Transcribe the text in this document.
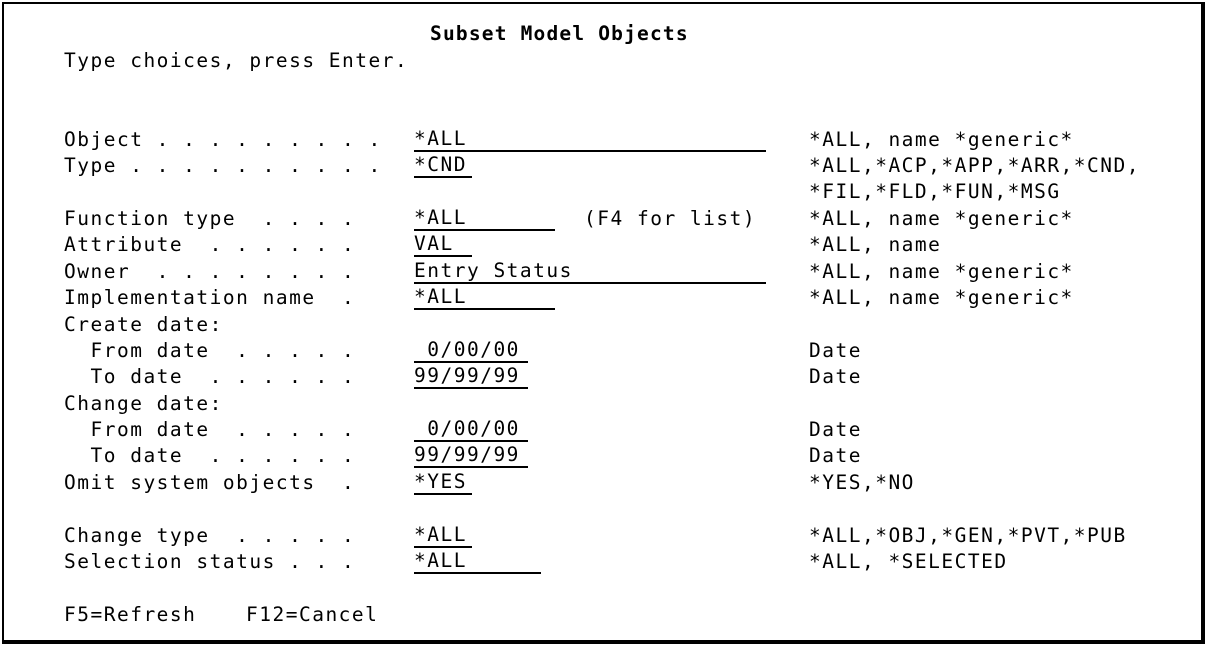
Subset Model Objects
Type choices, press Enter.
Object . . . . . . . . . *ALL	*ALL, name *generic*
Type . . . . . . . . . . *CND	*ALL,*ACP,*APP,*ARR,*CND,
*FIL,*FLD,*FUN,*MSG
Function type  . . . .	*ALL	(F4 for list)	*ALL, name *generic*
Attribute  . . . . . .	VAL	*ALL, name
Owner  . . . . . . . .	Entry Status	*ALL, name *generic*
Implementation name  .	*ALL	*ALL, name *generic*
Create date:
From date  . . . . .	0/00/00	Date
To date  . . . . . .	99/99/99	Date
Change date:
From date  . . . . .	0/00/00	Date
To date  . . . . . .	99/99/99	Date
Omit system objects  .	*YES	*YES,*NO
Change type  . . . . .	*ALL	*ALL,*OBJ,*GEN,*PVT,*PUB
Selection status . . .	*ALL	*ALL, *SELECTED
F5=Refresh	F12=Cancel
